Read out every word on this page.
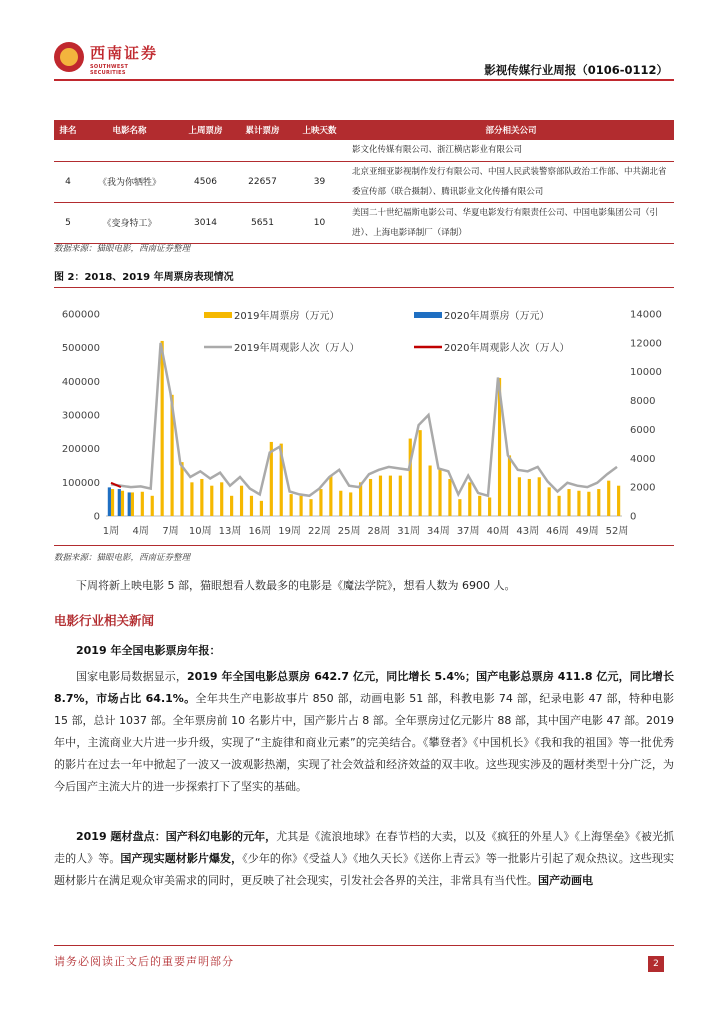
西南证券
SOUTHWEST SECURITIES	影视传媒行业周报（0106-0112）
排名	电影名称	上周票房	累计票房	上映天数	部分相关公司
					影文化传媒有限公司、浙江横店影业有限公司
4	《我为你牺牲》	4506	22657	39	北京亚细亚影视制作发行有限公司、中国人民武装警察部队政治工作部、中共湖北省委宣传部（联合摄制）、腾讯影业文化传播有限公司
5	《变身特工》	3014	5651	10	美国二十世纪福斯电影公司、华夏电影发行有限责任公司、中国电影集团公司（引进）、上海电影译制厂（译制）
数据来源：猫眼电影，西南证券整理
图 2：2018、2019 年周票房表现情况
0
100000
200000
300000
400000
500000
600000
0
2000
4000
6000
8000
10000
12000
14000
1周 4周 7周 10周 13周 16周 19周 22周 25周 28周 31周 34周 37周 40周 43周 46周 49周 52周
2019年周票房（万元）	2020年周票房（万元）
2019年周观影人次（万人）	2020年周观影人次（万人）
数据来源：猫眼电影，西南证券整理
下周将新上映电影 5 部，猫眼想看人数最多的电影是《魔法学院》，想看人数为 6900 人。
电影行业相关新闻
2019 年全国电影票房年报：
国家电影局数据显示，2019 年全国电影总票房 642.7 亿元，同比增长 5.4%；国产电影总票房 411.8 亿元，同比增长 8.7%，市场占比 64.1%。全年共生产电影故事片 850 部，动画电影 51 部，科教电影 74 部，纪录电影 47 部，特种电影 15 部，总计 1037 部。全年票房前 10 名影片中，国产影片占 8 部。全年票房过亿元影片 88 部，其中国产电影 47 部。2019 年中，主流商业大片进一步升级，实现了“主旋律和商业元素”的完美结合。《攀登者》《中国机长》《我和我的祖国》等一批优秀的影片在过去一年中掀起了一波又一波观影热潮，实现了社会效益和经济效益的双丰收。这些现实涉及的题材类型十分广泛，为今后国产主流大片的进一步探索打下了坚实的基础。
2019 题材盘点：国产科幻电影的元年，尤其是《流浪地球》在春节档的大卖，以及《疯狂的外星人》《上海堡垒》《被光抓走的人》等。国产现实题材影片爆发，《少年的你》《受益人》《地久天长》《送你上青云》等一批影片引起了观众热议。这些现实题材影片在满足观众审美需求的同时，更反映了社会现实，引发社会各界的关注，非常具有当代性。国产动画电
请务必阅读正文后的重要声明部分	2
